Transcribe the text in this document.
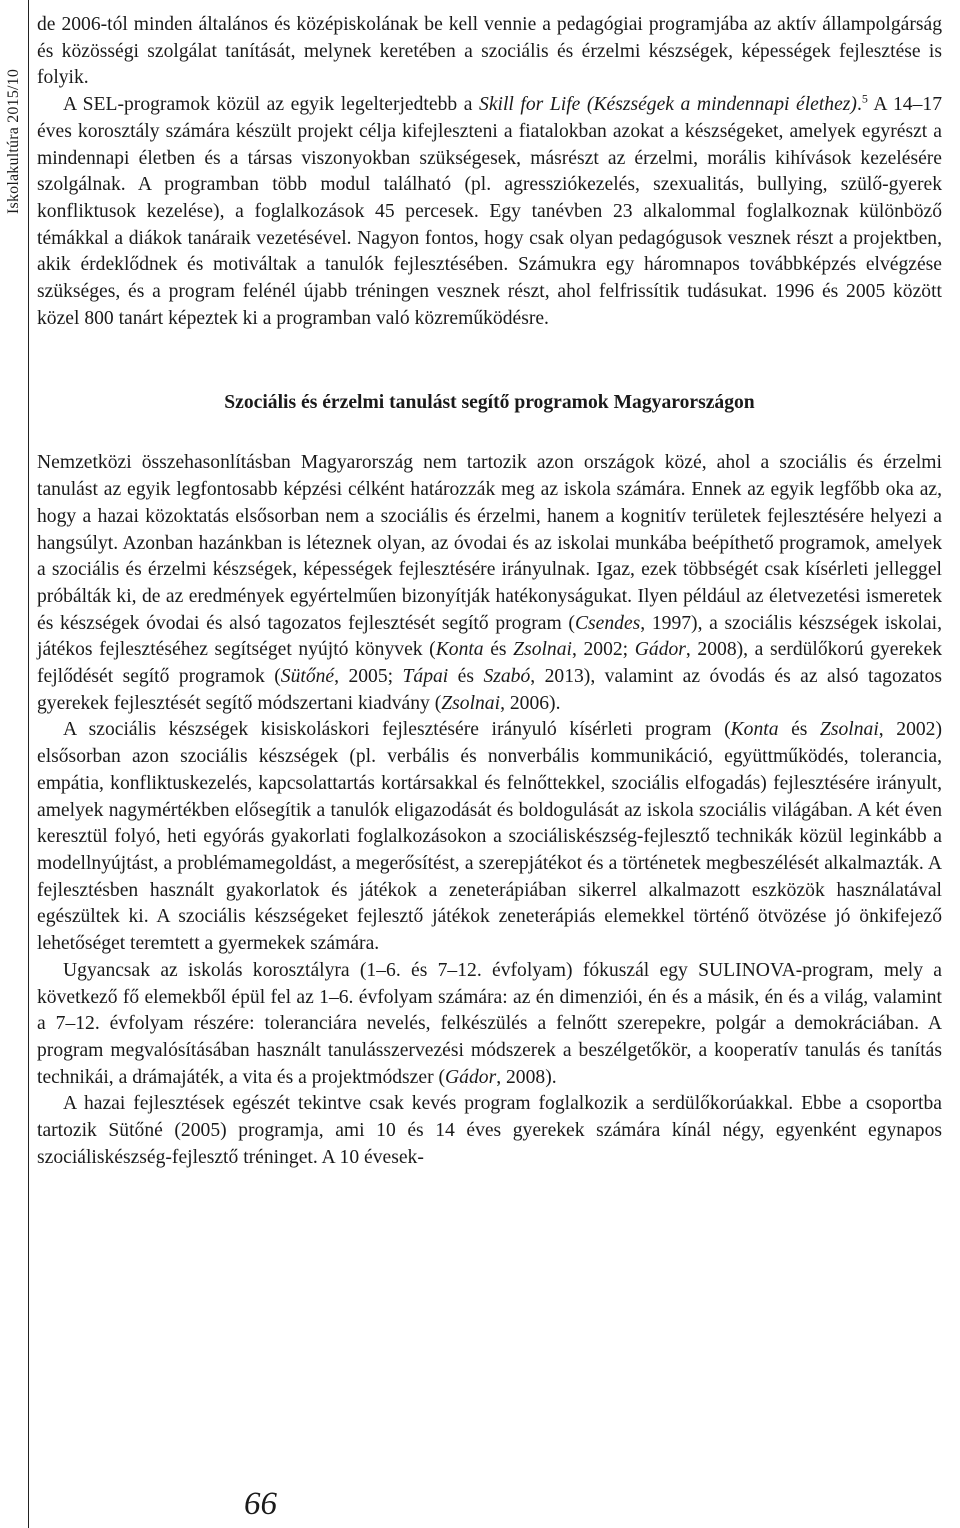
Iskolakultúra 2015/10

de 2006-tól minden általános és középiskolának be kell vennie a pedagógiai programjába az aktív állampolgárság és közösségi szolgálat tanítását, melynek keretében a szociális és érzelmi készségek, képességek fejlesztése is folyik.

A SEL-programok közül az egyik legelterjedtebb a Skill for Life (Készségek a mindennapi élethez).$^5$ A 14–17 éves korosztály számára készült projekt célja kifejleszteni a fiatalokban azokat a készségeket, amelyek egyrészt a mindennapi életben és a társas viszonyokban szükségesek, másrészt az érzelmi, morális kihívások kezelésére szolgálnak. A programban több modul található (pl. agressziókezelés, szexualitás, bullying, szülő-gyerek konfliktusok kezelése), a foglalkozások 45 percesek. Egy tanévben 23 alkalommal foglalkoznak különböző témákkal a diákok tanáraik vezetésével. Nagyon fontos, hogy csak olyan pedagógusok vesznek részt a projektben, akik érdeklődnek és motiváltak a tanulók fejlesztésében. Számukra egy háromnapos továbbképzés elvégzése szükséges, és a program felénél újabb tréningen vesznek részt, ahol felfrissítik tudásukat. 1996 és 2005 között közel 800 tanárt képeztek ki a programban való közreműködésre.

Szociális és érzelmi tanulást segítő programok Magyarországon

Nemzetközi összehasonlításban Magyarország nem tartozik azon országok közé, ahol a szociális és érzelmi tanulást az egyik legfontosabb képzési célként határozzák meg az iskola számára. Ennek az egyik legfőbb oka az, hogy a hazai közoktatás elsősorban nem a szociális és érzelmi, hanem a kognitív területek fejlesztésére helyezi a hangsúlyt. Azonban hazánkban is léteznek olyan, az óvodai és az iskolai munkába beépíthető programok, amelyek a szociális és érzelmi készségek, képességek fejlesztésére irányulnak. Igaz, ezek többségét csak kísérleti jelleggel próbálták ki, de az eredmények egyértelműen bizonyítják hatékonyságukat. Ilyen például az életvezetési ismeretek és készségek óvodai és alsó tagozatos fejlesztését segítő program (Csendes, 1997), a szociális készségek iskolai, játékos fejlesztéséhez segítséget nyújtó könyvek (Konta és Zsolnai, 2002; Gádor, 2008), a serdülőkorú gyerekek fejlődését segítő programok (Sütőné, 2005; Tápai és Szabó, 2013), valamint az óvodás és az alsó tagozatos gyerekek fejlesztését segítő módszertani kiadvány (Zsolnai, 2006).

A szociális készségek kisiskoláskori fejlesztésére irányuló kísérleti program (Konta és Zsolnai, 2002) elsősorban azon szociális készségek (pl. verbális és nonverbális kommunikáció, együttműködés, tolerancia, empátia, konfliktuskezelés, kapcsolattartás kortársakkal és felnőttekkel, szociális elfogadás) fejlesztésére irányult, amelyek nagymértékben elősegítik a tanulók eligazodását és boldogulását az iskola szociális világában. A két éven keresztül folyó, heti egyórás gyakorlati foglalkozásokon a szociáliskészség-fejlesztő technikák közül leginkább a modellnyújtást, a problémamegoldást, a megerősítést, a szerepjátékot és a történetek megbeszélését alkalmazták. A fejlesztésben használt gyakorlatok és játékok a zeneterápiában sikerrel alkalmazott eszközök használatával egészültek ki. A szociális készségeket fejlesztő játékok zeneterápiás elemekkel történő ötvözése jó önkifejező lehetőséget teremtett a gyermekek számára.

Ugyancsak az iskolás korosztályra (1–6. és 7–12. évfolyam) fókuszál egy SULINOVA-program, mely a következő fő elemekből épül fel az 1–6. évfolyam számára: az én dimenziói, én és a másik, én és a világ, valamint a 7–12. évfolyam részére: toleranciára nevelés, felkészülés a felnőtt szerepekre, polgár a demokráciában. A program megvalósításában használt tanulásszervezési módszerek a beszélgetőkör, a kooperatív tanulás és tanítás technikái, a drámajáték, a vita és a projektmódszer (Gádor, 2008).

A hazai fejlesztések egészét tekintve csak kevés program foglalkozik a serdülőkorúakkal. Ebbe a csoportba tartozik Sütőné (2005) programja, ami 10 és 14 éves gyerekek számára kínál négy, egyenként egynapos szociáliskészség-fejlesztő tréninget. A 10 évesek-

66
